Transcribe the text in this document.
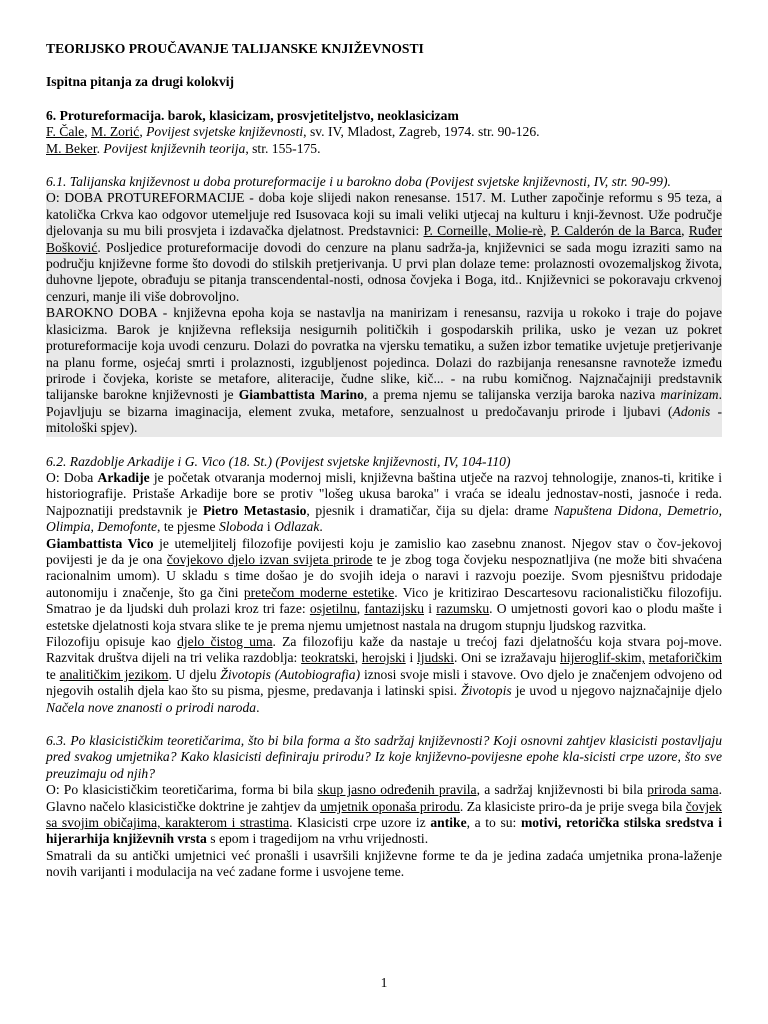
TEORIJSKO PROUČAVANJE TALIJANSKE KNJIŽEVNOSTI
Ispitna pitanja za drugi kolokvij
6. Protureformacija. barok, klasicizam, prosvjetiteljstvo, neoklasicizam
F. Čale, M. Zorić, Povijest svjetske književnosti, sv. IV, Mladost, Zagreb, 1974. str. 90-126.
M. Beker. Povijest književnih teorija, str. 155-175.
6.1. Talijanska književnost u doba protureformacije i u barokno doba (Povijest svjetske književnosti, IV, str. 90-99).
O: DOBA PROTUREFORMACIJE - doba koje slijedi nakon renesanse. 1517. M. Luther započinje reformu s 95 teza, a katolička Crkva kao odgovor utemeljuje red Isusovaca koji su imali veliki utjecaj na kulturu i knji-ževnost. Uže područje djelovanja su mu bili prosvjeta i izdavačka djelatnost. Predstavnici: P. Corneille, Molie-rè, P. Calderón de la Barca, Ruđer Bošković. Posljedice protureformacije dovodi do cenzure na planu sadrža-ja, književnici se sada mogu izraziti samo na području književne forme što dovodi do stilskih pretjerivanja. U prvi plan dolaze teme: prolaznosti ovozemaljskog života, duhovne ljepote, obrađuju se pitanja transcendental-nosti, odnosa čovjeka i Boga, itd.. Književnici se pokoravaju crkvenoj cenzuri, manje ili više dobrovoljno.
BAROKNO DOBA - književna epoha koja se nastavlja na manirizam i renesansu, razvija u rokoko i traje do pojave klasicizma. Barok je književna refleksija nesigurnih političkih i gospodarskih prilika, usko je vezan uz pokret protureformacije koja uvodi cenzuru. Dolazi do povratka na vjersku tematiku, a sužen izbor tematike uvjetuje pretjerivanje na planu forme, osjećaj smrti i prolaznosti, izgubljenost pojedinca. Dolazi do razbijanja renesansne ravnoteže između prirode i čovjeka, koriste se metafore, aliteracije, čudne slike, kič... - na rubu komičnog. Najznačajniji predstavnik talijanske barokne književnosti je Giambattista Marino, a prema njemu se talijanska verzija baroka naziva marinizam. Pojavljuju se bizarna imaginacija, element zvuka, metafore, senzualnost u predočavanju prirode i ljubavi (Adonis - mitološki spjev).
6.2. Razdoblje Arkadije i G. Vico (18. St.) (Povijest svjetske književnosti, IV, 104-110)
O: Doba Arkadije je početak otvaranja modernoj misli, književna baština utječe na razvoj tehnologije, znanos-ti, kritike i historiografije. Pristaše Arkadije bore se protiv "lošeg ukusa baroka" i vraća se idealu jednostav-nosti, jasnoće i reda. Najpoznatiji predstavnik je Pietro Metastasio, pjesnik i dramatičar, čija su djela: drame Napuštena Didona, Demetrio, Olimpia, Demofonte, te pjesme Sloboda i Odlazak.
Giambattista Vico je utemeljitelj filozofije povijesti koju je zamislio kao zasebnu znanost. Njegov stav o čov-jekovoj povijesti je da je ona čovjekovo djelo izvan svijeta prirode te je zbog toga čovjeku nespoznatljiva (ne može biti shvaćena racionalnim umom). U skladu s time došao je do svojih ideja o naravi i razvoju poezije. Svom pjesništvu pridodaje autonomiju i značenje, što ga čini pretečom moderne estetike. Vico je kritizirao Descartesovu racionalističku filozofiju. Smatrao je da ljudski duh prolazi kroz tri faze: osjetilnu, fantazijsku i razumsku. O umjetnosti govori kao o plodu mašte i estetske djelatnosti koja stvara slike te je prema njemu umjetnost nastala na drugom stupnju ljudskog razvitka.
Filozofiju opisuje kao djelo čistog uma. Za filozofiju kaže da nastaje u trećoj fazi djelatnošću koja stvara poj-move. Razvitak društva dijeli na tri velika razdoblja: teokratski, herojski i ljudski. Oni se izražavaju hijeroglif-skim, metaforičkim te analitičkim jezikom. U djelu Životopis (Autobiografia) iznosi svoje misli i stavove. Ovo djelo je značenjem odvojeno od njegovih ostalih djela kao što su pisma, pjesme, predavanja i latinski spisi. Životopis je uvod u njegovo najznačajnije djelo Načela nove znanosti o prirodi naroda.
6.3. Po klasicističkim teoretičarima, što bi bila forma a što sadržaj književnosti? Koji osnovni zahtjev klasicisti postavljaju pred svakog umjetnika? Kako klasicisti definiraju prirodu? Iz koje književno-povijesne epohe kla-sicisti crpe uzore, što sve preuzimaju od njih?
O: Po klasicističkim teoretičarima, forma bi bila skup jasno određenih pravila, a sadržaj književnosti bi bila priroda sama. Glavno načelo klasicističke doktrine je zahtjev da umjetnik oponaša prirodu. Za klasiciste priro-da je prije svega bila čovjek sa svojim običajima, karakterom i strastima. Klasicisti crpe uzore iz antike, a to su: motivi, retorička stilska sredstva i hijerarhija književnih vrsta s epom i tragedijom na vrhu vrijednosti.
Smatrali da su antički umjetnici već pronašli i usavršili književne forme te da je jedina zadaća umjetnika prona-laženje novih varijanti i modulacija na već zadane forme i usvojene teme.
1
